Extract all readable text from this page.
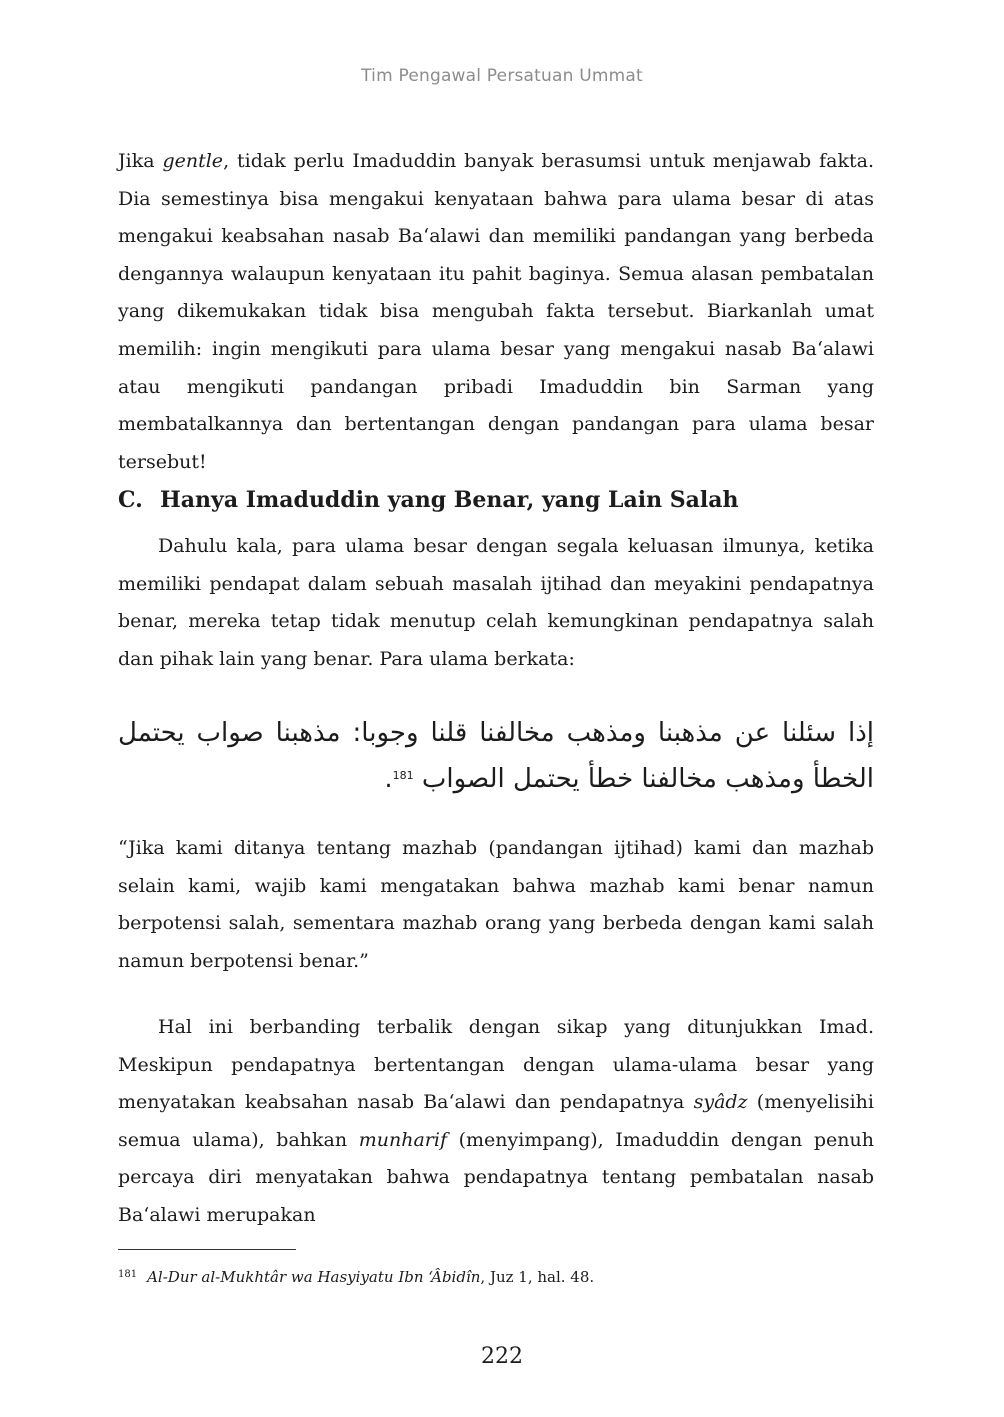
Tim Pengawal Persatuan Ummat

Jika gentle, tidak perlu Imaduddin banyak berasumsi untuk menjawab fakta. Dia semestinya bisa mengakui kenyataan bahwa para ulama besar di atas mengakui keabsahan nasab Ba‘alawi dan memiliki pandangan yang berbeda dengannya walaupun kenyataan itu pahit baginya. Semua alasan pembatalan yang dikemukakan tidak bisa mengubah fakta tersebut. Biarkanlah umat memilih: ingin mengikuti para ulama besar yang mengakui nasab Ba‘alawi atau mengikuti pandangan pribadi Imaduddin bin Sarman yang membatalkannya dan bertentangan dengan pandangan para ulama besar tersebut!

C. Hanya Imaduddin yang Benar, yang Lain Salah

Dahulu kala, para ulama besar dengan segala keluasan ilmunya, ketika memiliki pendapat dalam sebuah masalah ijtihad dan meyakini pendapatnya benar, mereka tetap tidak menutup celah kemungkinan pendapatnya salah dan pihak lain yang benar. Para ulama berkata:

إذا سئلنا عن مذهبنا ومذهب مخالفنا قلنا وجوبا: مذهبنا صواب يحتمل الخطأ ومذهب مخالفنا خطأ يحتمل الصواب $^{181}$.

“Jika kami ditanya tentang mazhab (pandangan ijtihad) kami dan mazhab selain kami, wajib kami mengatakan bahwa mazhab kami benar namun berpotensi salah, sementara mazhab orang yang berbeda dengan kami salah namun berpotensi benar.”

Hal ini berbanding terbalik dengan sikap yang ditunjukkan Imad. Meskipun pendapatnya bertentangan dengan ulama-ulama besar yang menyatakan keabsahan nasab Ba‘alawi dan pendapatnya syâdz (menyelisihi semua ulama), bahkan munharif (menyimpang), Imaduddin dengan penuh percaya diri menyatakan bahwa pendapatnya tentang pembatalan nasab Ba‘alawi merupakan

$^{181}$ Al-Dur al-Mukhtâr wa Hasyiyatu Ibn ‘Âbidîn, Juz 1, hal. 48.
222
